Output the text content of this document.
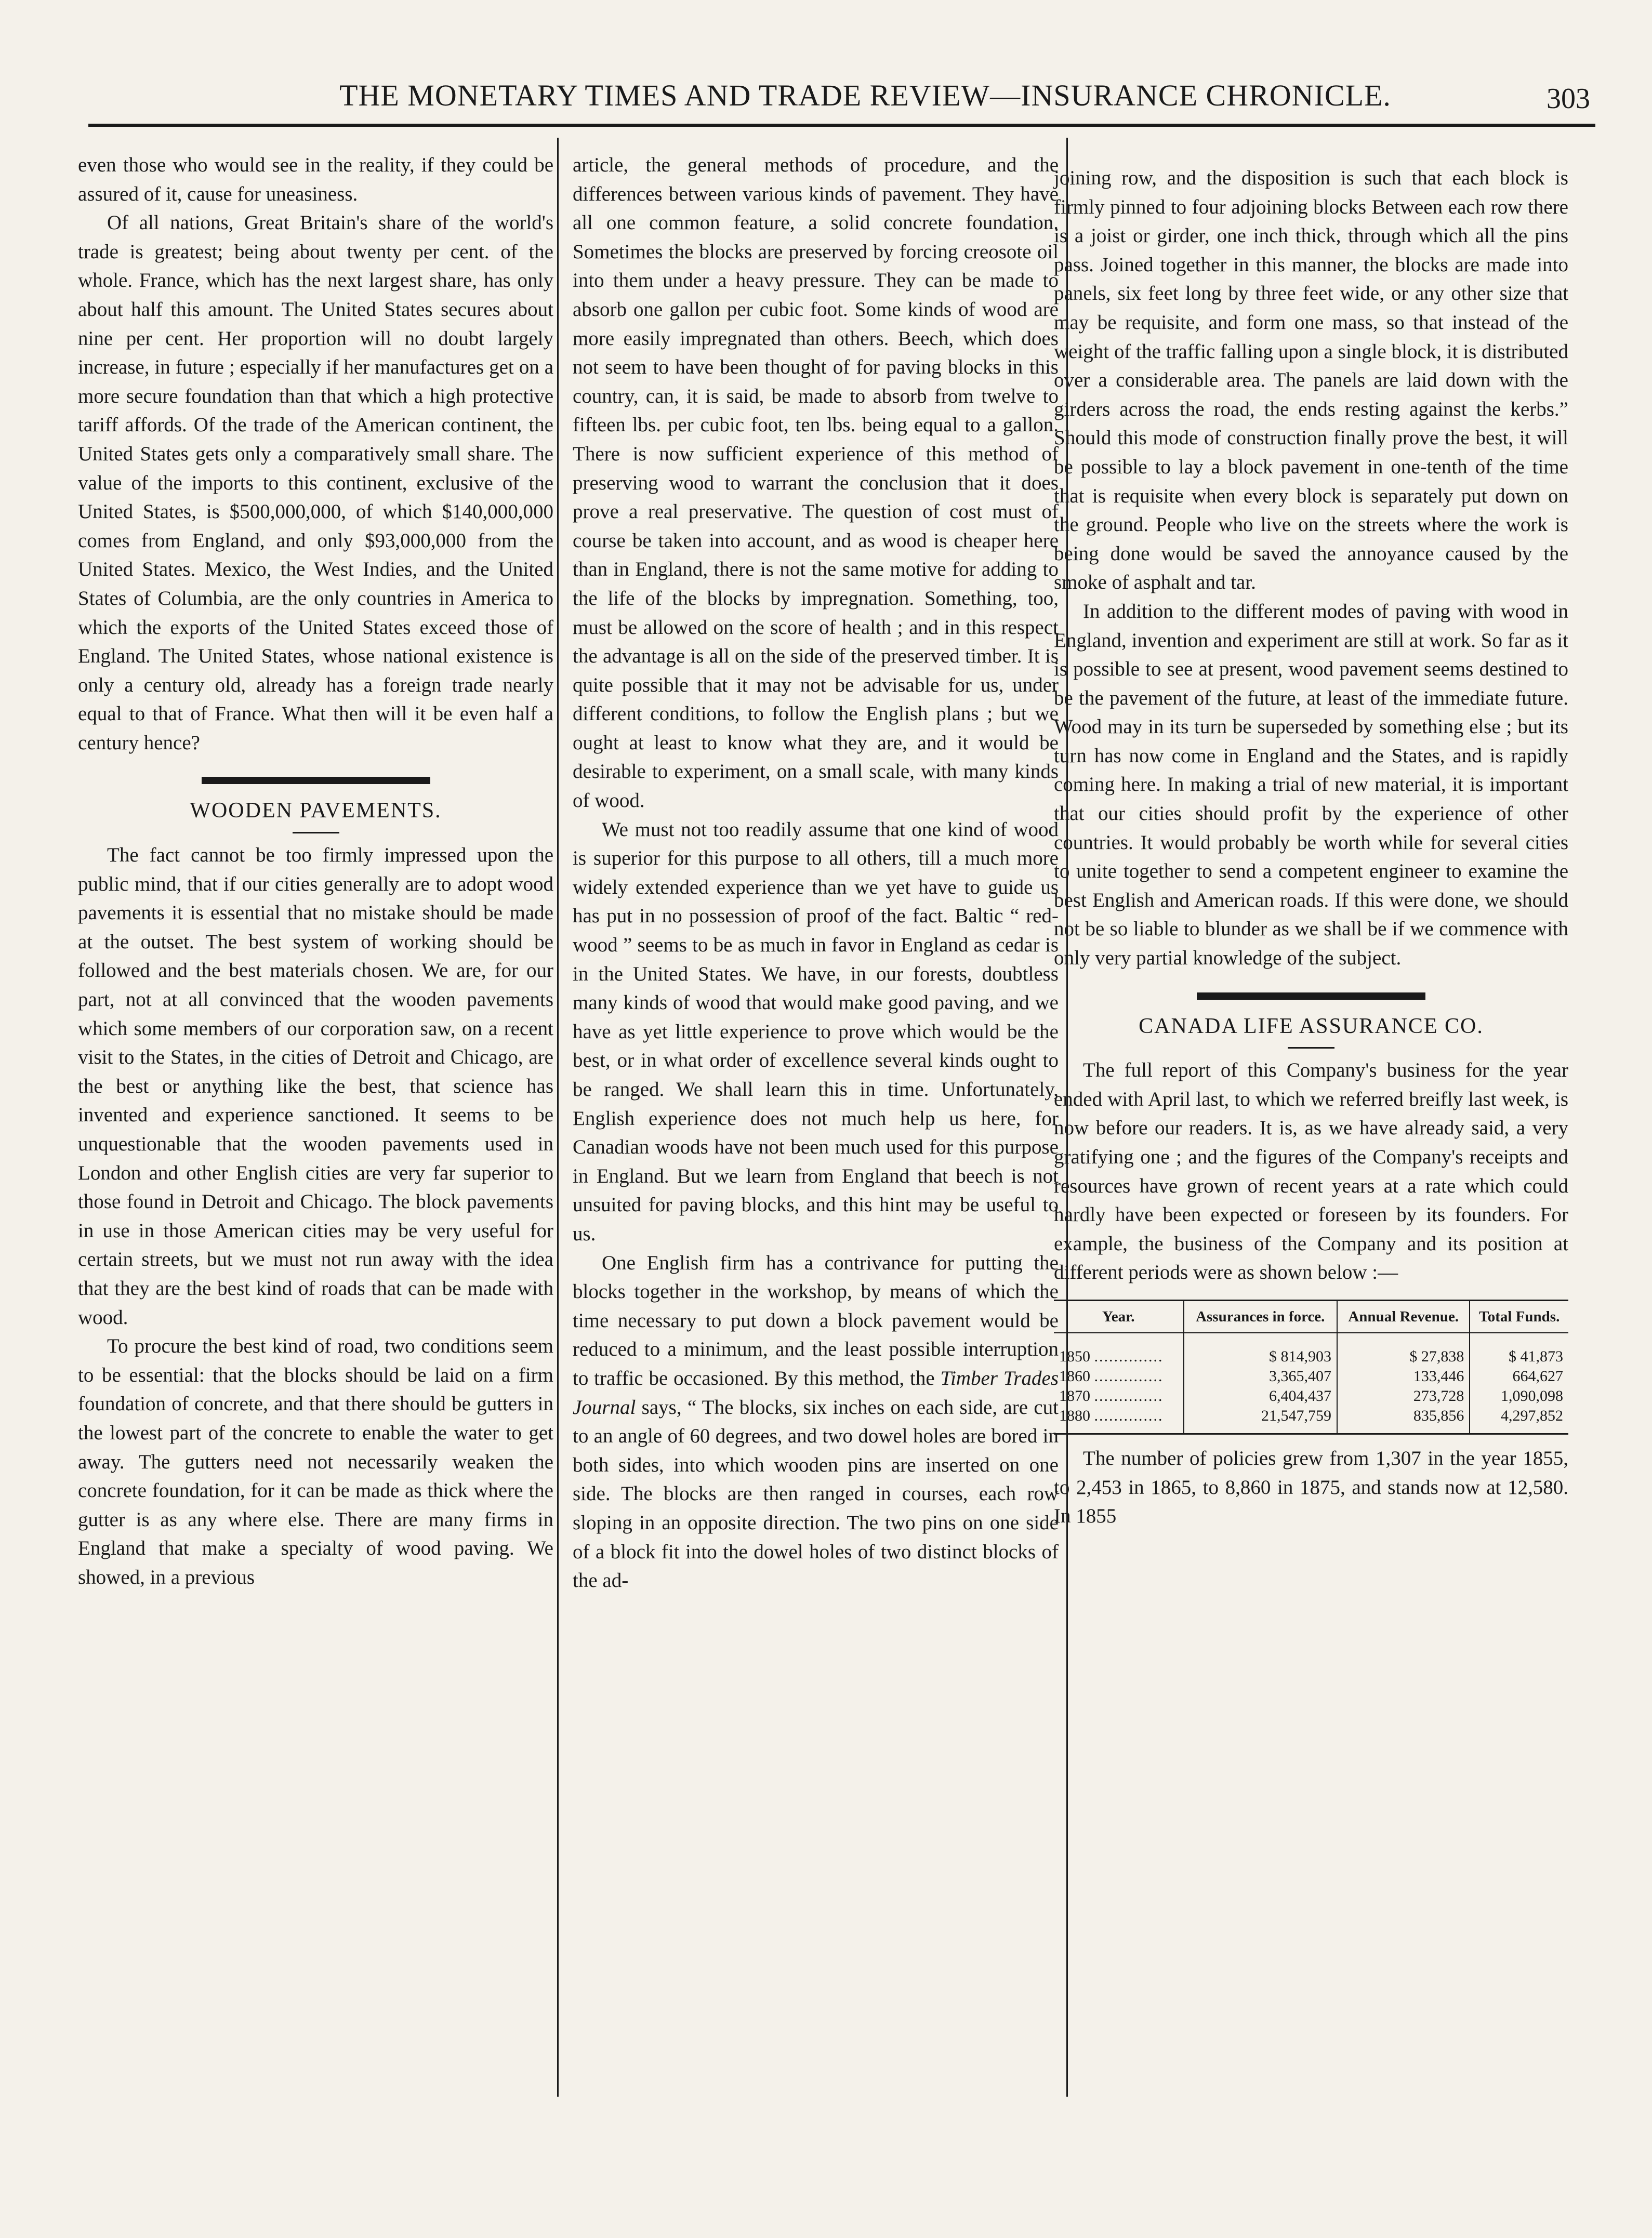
THE MONETARY TIMES AND TRADE REVIEW—INSURANCE CHRONICLE.	303

even those who would see in the reality, if they could be assured of it, cause for uneasiness.

Of all nations, Great Britain's share of the world's trade is greatest; being about twenty per cent. of the whole. France, which has the next largest share, has only about half this amount. The United States secures about nine per cent. Her proportion will no doubt largely increase, in future ; especially if her manufactures get on a more secure foundation than that which a high protective tariff affords. Of the trade of the American continent, the United States gets only a comparatively small share. The value of the imports to this continent, exclusive of the United States, is $500,000,000, of which $140,000,000 comes from England, and only $93,000,000 from the United States. Mexico, the West Indies, and the United States of Columbia, are the only countries in America to which the exports of the United States exceed those of England. The United States, whose national existence is only a century old, already has a foreign trade nearly equal to that of France. What then will it be even half a century hence?

WOODEN PAVEMENTS.

The fact cannot be too firmly impressed upon the public mind, that if our cities generally are to adopt wood pavements it is essential that no mistake should be made at the outset. The best system of working should be followed and the best materials chosen. We are, for our part, not at all convinced that the wooden pavements which some members of our corporation saw, on a recent visit to the States, in the cities of Detroit and Chicago, are the best or anything like the best, that science has invented and experience sanctioned. It seems to be unquestionable that the wooden pavements used in London and other English cities are very far superior to those found in Detroit and Chicago. The block pavements in use in those American cities may be very useful for certain streets, but we must not run away with the idea that they are the best kind of roads that can be made with wood.

To procure the best kind of road, two conditions seem to be essential: that the blocks should be laid on a firm foundation of concrete, and that there should be gutters in the lowest part of the concrete to enable the water to get away. The gutters need not necessarily weaken the concrete foundation, for it can be made as thick where the gutter is as any where else. There are many firms in England that make a specialty of wood paving. We showed, in a previous

article, the general methods of procedure, and the differences between various kinds of pavement. They have all one common feature, a solid concrete foundation. Sometimes the blocks are preserved by forcing creosote oil into them under a heavy pressure. They can be made to absorb one gallon per cubic foot. Some kinds of wood are more easily impregnated than others. Beech, which does not seem to have been thought of for paving blocks in this country, can, it is said, be made to absorb from twelve to fifteen lbs. per cubic foot, ten lbs. being equal to a gallon. There is now sufficient experience of this method of preserving wood to warrant the conclusion that it does prove a real preservative. The question of cost must of course be taken into account, and as wood is cheaper here than in England, there is not the same motive for adding to the life of the blocks by impregnation. Something, too, must be allowed on the score of health ; and in this respect the advantage is all on the side of the preserved timber. It is quite possible that it may not be advisable for us, under different conditions, to follow the English plans ; but we ought at least to know what they are, and it would be desirable to experiment, on a small scale, with many kinds of wood.

We must not too readily assume that one kind of wood is superior for this purpose to all others, till a much more widely extended experience than we yet have to guide us has put in no possession of proof of the fact. Baltic “ red-wood ” seems to be as much in favor in England as cedar is in the United States. We have, in our forests, doubtless many kinds of wood that would make good paving, and we have as yet little experience to prove which would be the best, or in what order of excellence several kinds ought to be ranged. We shall learn this in time. Unfortunately, English experience does not much help us here, for Canadian woods have not been much used for this purpose in England. But we learn from England that beech is not unsuited for paving blocks, and this hint may be useful to us.

One English firm has a contrivance for putting the blocks together in the workshop, by means of which the time necessary to put down a block pavement would be reduced to a minimum, and the least possible interruption to traffic be occasioned. By this method, the Timber Trades Journal says, “ The blocks, six inches on each side, are cut to an angle of 60 degrees, and two dowel holes are bored in both sides, into which wooden pins are inserted on one side. The blocks are then ranged in courses, each row sloping in an opposite direction. The two pins on one side of a block fit into the dowel holes of two distinct blocks of the ad-

joining row, and the disposition is such that each block is firmly pinned to four adjoining blocks Between each row there is a joist or girder, one inch thick, through which all the pins pass. Joined together in this manner, the blocks are made into panels, six feet long by three feet wide, or any other size that may be requisite, and form one mass, so that instead of the weight of the traffic falling upon a single block, it is distributed over a considerable area. The panels are laid down with the girders across the road, the ends resting against the kerbs.” Should this mode of construction finally prove the best, it will be possible to lay a block pavement in one-tenth of the time that is requisite when every block is separately put down on the ground. People who live on the streets where the work is being done would be saved the annoyance caused by the smoke of asphalt and tar.

In addition to the different modes of paving with wood in England, invention and experiment are still at work. So far as it is possible to see at present, wood pavement seems destined to be the pavement of the future, at least of the immediate future. Wood may in its turn be superseded by something else ; but its turn has now come in England and the States, and is rapidly coming here. In making a trial of new material, it is important that our cities should profit by the experience of other countries. It would probably be worth while for several cities to unite together to send a competent engineer to examine the best English and American roads. If this were done, we should not be so liable to blunder as we shall be if we commence with only very partial knowledge of the subject.

CANADA LIFE ASSURANCE CO.

The full report of this Company's business for the year ended with April last, to which we referred breifly last week, is now before our readers. It is, as we have already said, a very gratifying one ; and the figures of the Company's receipts and resources have grown of recent years at a rate which could hardly have been expected or foreseen by its founders. For example, the business of the Company and its position at different periods were as shown below :—

Year.	Assurances in force.	Annual Revenue.	Total Funds.
1850 ..............	$ 814,903	$ 27,838	$ 41,873
1860 ..............	3,365,407	133,446	664,627
1870 ..............	6,404,437	273,728	1,090,098
1880 ..............	21,547,759	835,856	4,297,852

The number of policies grew from 1,307 in the year 1855, to 2,453 in 1865, to 8,860 in 1875, and stands now at 12,580. In 1855
